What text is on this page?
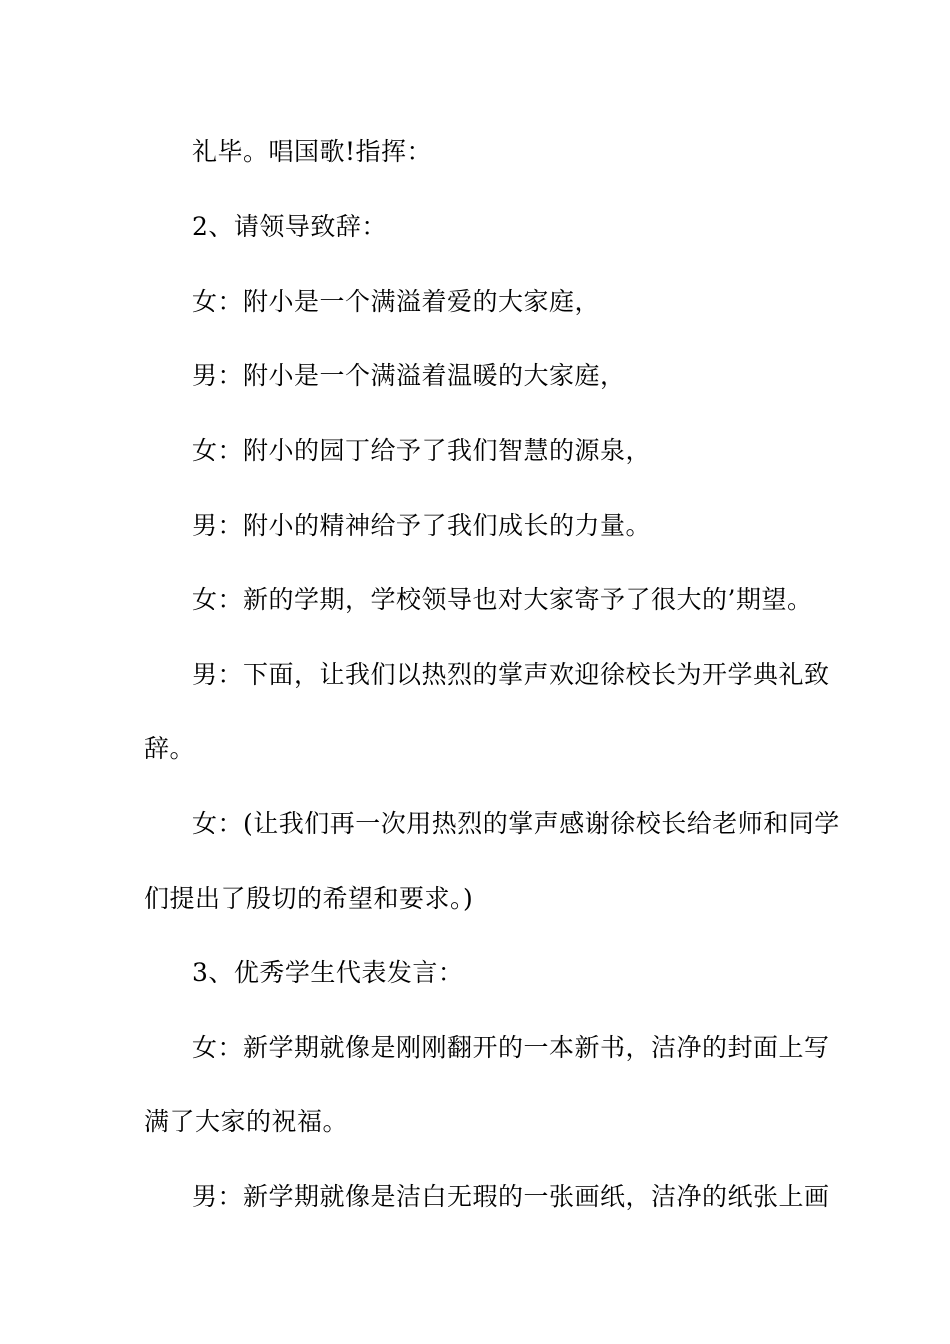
礼毕。唱国歌!指挥：
2、请领导致辞：
女：附小是一个满溢着爱的大家庭，
男：附小是一个满溢着温暖的大家庭，
女：附小的园丁给予了我们智慧的源泉，
男：附小的精神给予了我们成长的力量。
女：新的学期，学校领导也对大家寄予了很大的’期望。
男：下面，让我们以热烈的掌声欢迎徐校长为开学典礼致
辞。
女：(让我们再一次用热烈的掌声感谢徐校长给老师和同学
们提出了殷切的希望和要求。)
3、优秀学生代表发言：
女：新学期就像是刚刚翻开的一本新书，洁净的封面上写
满了大家的祝福。
男：新学期就像是洁白无瑕的一张画纸，洁净的纸张上画
